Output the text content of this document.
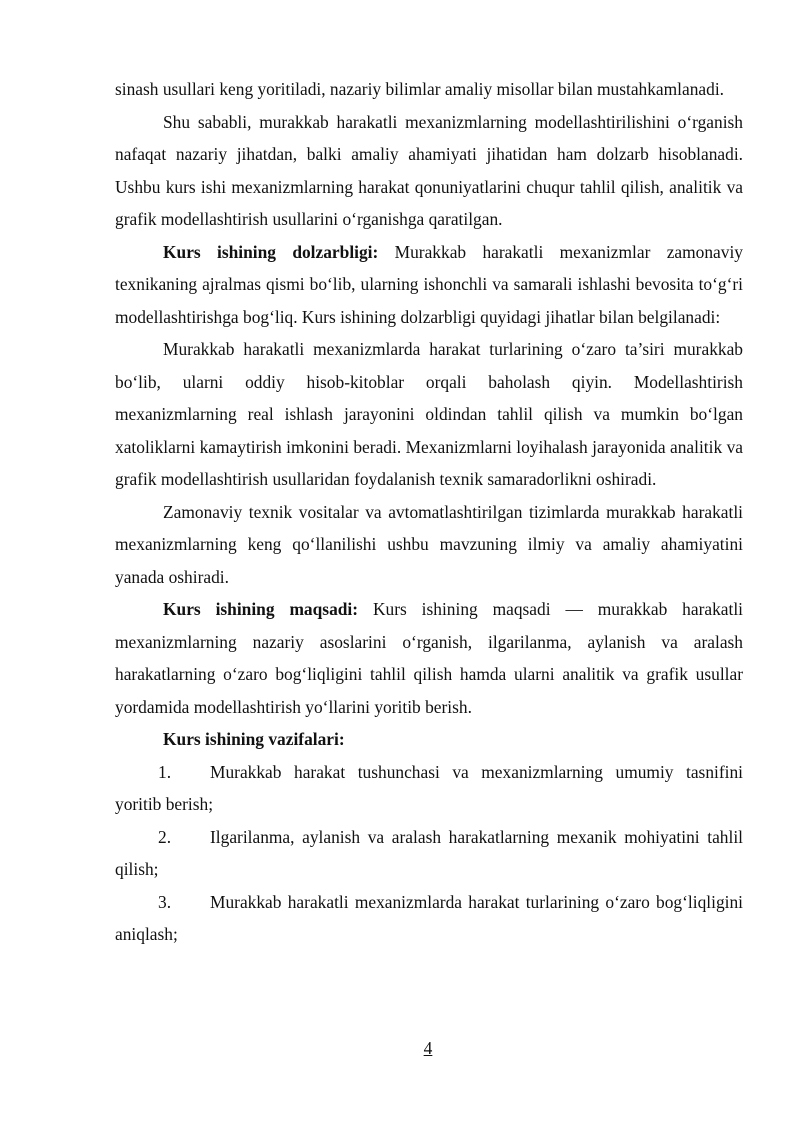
sinash usullari keng yoritiladi, nazariy bilimlar amaliy misollar bilan mustahkamlanadi.

Shu sababli, murakkab harakatli mexanizmlarning modellashtirilishini o‘rganish nafaqat nazariy jihatdan, balki amaliy ahamiyati jihatidan ham dolzarb hisoblanadi. Ushbu kurs ishi mexanizmlarning harakat qonuniyatlarini chuqur tahlil qilish, analitik va grafik modellashtirish usullarini o‘rganishga qaratilgan.

Kurs ishining dolzarbligi: Murakkab harakatli mexanizmlar zamonaviy texnikaning ajralmas qismi bo‘lib, ularning ishonchli va samarali ishlashi bevosita to‘g‘ri modellashtirishga bog‘liq. Kurs ishining dolzarbligi quyidagi jihatlar bilan belgilanadi:

Murakkab harakatli mexanizmlarda harakat turlarining o‘zaro ta’siri murakkab bo‘lib, ularni oddiy hisob-kitoblar orqali baholash qiyin. Modellashtirish mexanizmlarning real ishlash jarayonini oldindan tahlil qilish va mumkin bo‘lgan xatoliklarni kamaytirish imkonini beradi. Mexanizmlarni loyihalash jarayonida analitik va grafik modellashtirish usullaridan foydalanish texnik samaradorlikni oshiradi.

Zamonaviy texnik vositalar va avtomatlashtirilgan tizimlarda murakkab harakatli mexanizmlarning keng qo‘llanilishi ushbu mavzuning ilmiy va amaliy ahamiyatini yanada oshiradi.

Kurs ishining maqsadi: Kurs ishining maqsadi — murakkab harakatli mexanizmlarning nazariy asoslarini o‘rganish, ilgarilanma, aylanish va aralash harakatlarning o‘zaro bog‘liqligini tahlil qilish hamda ularni analitik va grafik usullar yordamida modellashtirish yo‘llarini yoritib berish.

Kurs ishining vazifalari:

1. Murakkab harakat tushunchasi va mexanizmlarning umumiy tasnifini yoritib berish;

2. Ilgarilanma, aylanish va aralash harakatlarning mexanik mohiyatini tahlil qilish;

3. Murakkab harakatli mexanizmlarda harakat turlarining o‘zaro bog‘liqligini aniqlash;

4
